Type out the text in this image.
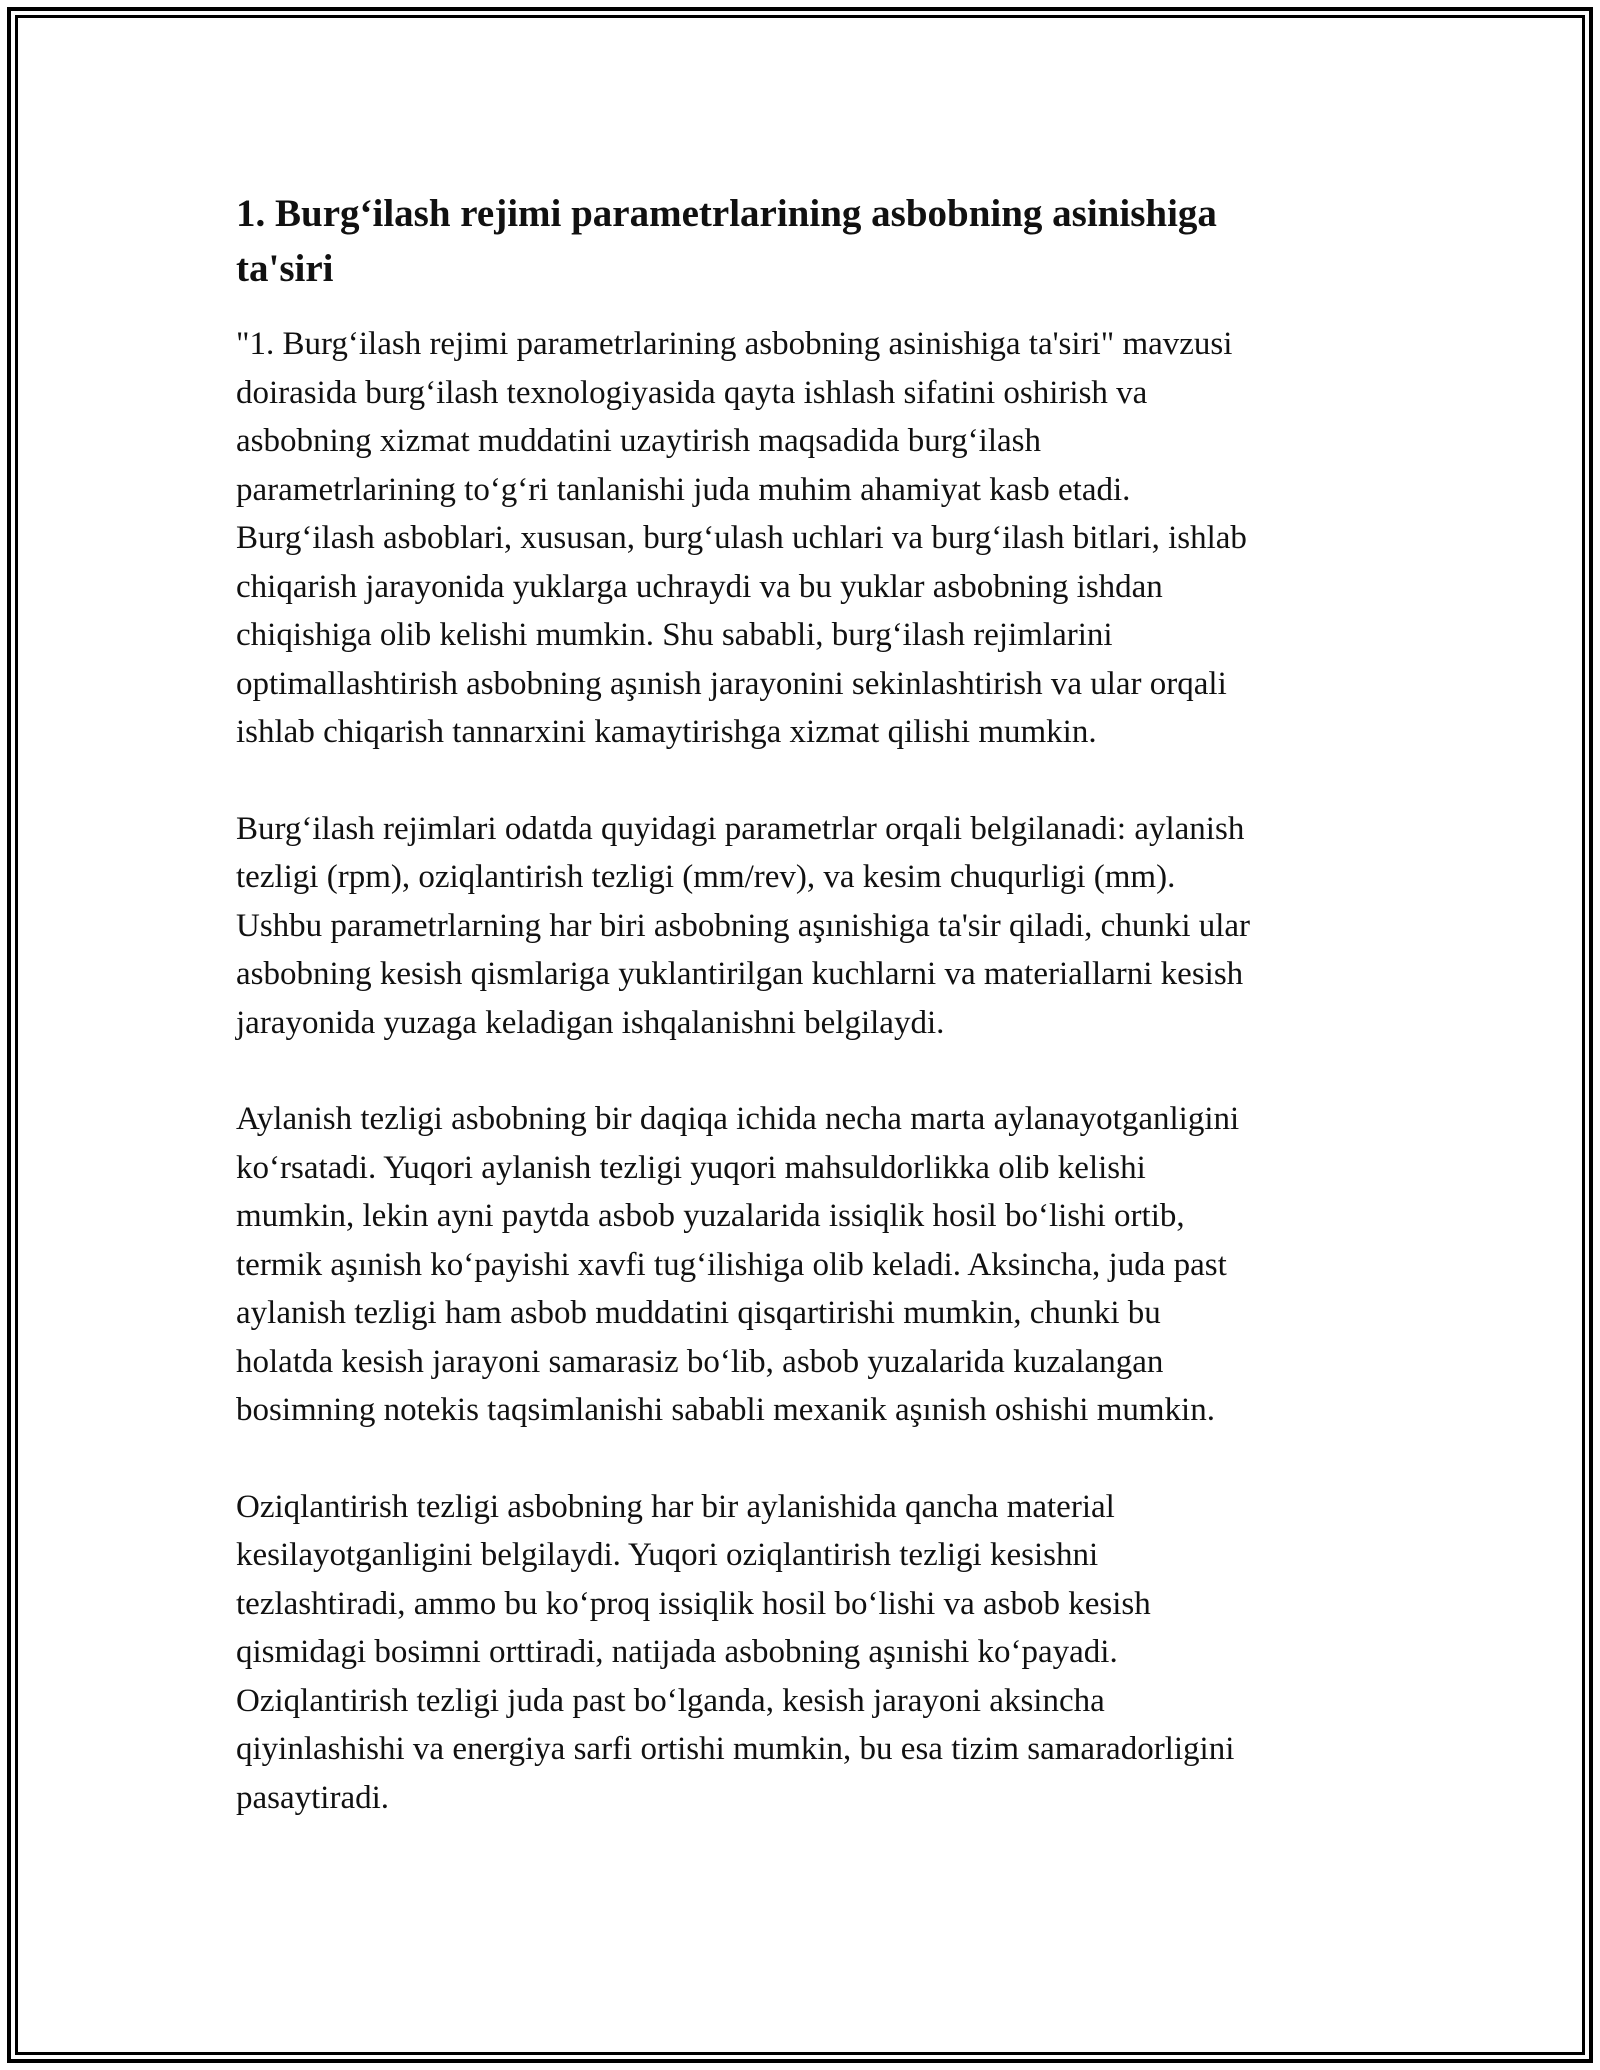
1. Burg‘ilash rejimi parametrlarining asbobning asinishiga
ta'siri

"1. Burg‘ilash rejimi parametrlarining asbobning asinishiga ta'siri" mavzusi
doirasida burg‘ilash texnologiyasida qayta ishlash sifatini oshirish va
asbobning xizmat muddatini uzaytirish maqsadida burg‘ilash
parametrlarining to‘g‘ri tanlanishi juda muhim ahamiyat kasb etadi.
Burg‘ilash asboblari, xususan, burg‘ulash uchlari va burg‘ilash bitlari, ishlab
chiqarish jarayonida yuklarga uchraydi va bu yuklar asbobning ishdan
chiqishiga olib kelishi mumkin. Shu sababli, burg‘ilash rejimlarini
optimallashtirish asbobning aşınish jarayonini sekinlashtirish va ular orqali
ishlab chiqarish tannarxini kamaytirishga xizmat qilishi mumkin.

Burg‘ilash rejimlari odatda quyidagi parametrlar orqali belgilanadi: aylanish
tezligi (rpm), oziqlantirish tezligi (mm/rev), va kesim chuqurligi (mm).
Ushbu parametrlarning har biri asbobning aşınishiga ta'sir qiladi, chunki ular
asbobning kesish qismlariga yuklantirilgan kuchlarni va materiallarni kesish
jarayonida yuzaga keladigan ishqalanishni belgilaydi.

Aylanish tezligi asbobning bir daqiqa ichida necha marta aylanayotganligini
ko‘rsatadi. Yuqori aylanish tezligi yuqori mahsuldorlikka olib kelishi
mumkin, lekin ayni paytda asbob yuzalarida issiqlik hosil bo‘lishi ortib,
termik aşınish ko‘payishi xavfi tug‘ilishiga olib keladi. Aksincha, juda past
aylanish tezligi ham asbob muddatini qisqartirishi mumkin, chunki bu
holatda kesish jarayoni samarasiz bo‘lib, asbob yuzalarida kuzalangan
bosimning notekis taqsimlanishi sababli mexanik aşınish oshishi mumkin.

Oziqlantirish tezligi asbobning har bir aylanishida qancha material
kesilayotganligini belgilaydi. Yuqori oziqlantirish tezligi kesishni
tezlashtiradi, ammo bu ko‘proq issiqlik hosil bo‘lishi va asbob kesish
qismidagi bosimni orttiradi, natijada asbobning aşınishi ko‘payadi.
Oziqlantirish tezligi juda past bo‘lganda, kesish jarayoni aksincha
qiyinlashishi va energiya sarfi ortishi mumkin, bu esa tizim samaradorligini
pasaytiradi.
